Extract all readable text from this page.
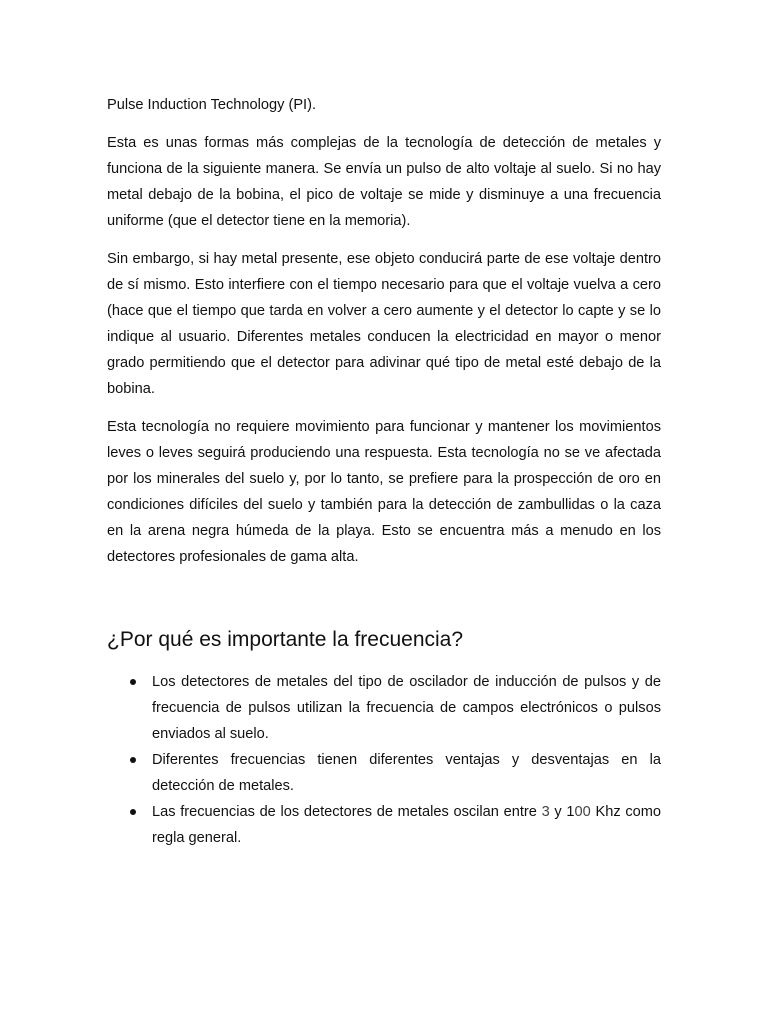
Pulse Induction Technology (PI).

Esta es unas formas más complejas de la tecnología de detección de metales y funciona de la siguiente manera. Se envía un pulso de alto voltaje al suelo. Si no hay metal debajo de la bobina, el pico de voltaje se mide y disminuye a una frecuencia uniforme (que el detector tiene en la memoria).

Sin embargo, si hay metal presente, ese objeto conducirá parte de ese voltaje dentro de sí mismo. Esto interfiere con el tiempo necesario para que el voltaje vuelva a cero (hace que el tiempo que tarda en volver a cero aumente y el detector lo capte y se lo indique al usuario. Diferentes metales conducen la electricidad en mayor o menor grado permitiendo que el detector para adivinar qué tipo de metal esté debajo de la bobina.

Esta tecnología no requiere movimiento para funcionar y mantener los movimientos leves o leves seguirá produciendo una respuesta. Esta tecnología no se ve afectada por los minerales del suelo y, por lo tanto, se prefiere para la prospección de oro en condiciones difíciles del suelo y también para la detección de zambullidas o la caza en la arena negra húmeda de la playa. Esto se encuentra más a menudo en los detectores profesionales de gama alta.

¿Por qué es importante la frecuencia?
Los detectores de metales del tipo de oscilador de inducción de pulsos y de frecuencia de pulsos utilizan la frecuencia de campos electrónicos o pulsos enviados al suelo.
Diferentes frecuencias tienen diferentes ventajas y desventajas en la detección de metales.
Las frecuencias de los detectores de metales oscilan entre 3 y 100 Khz como regla general.
